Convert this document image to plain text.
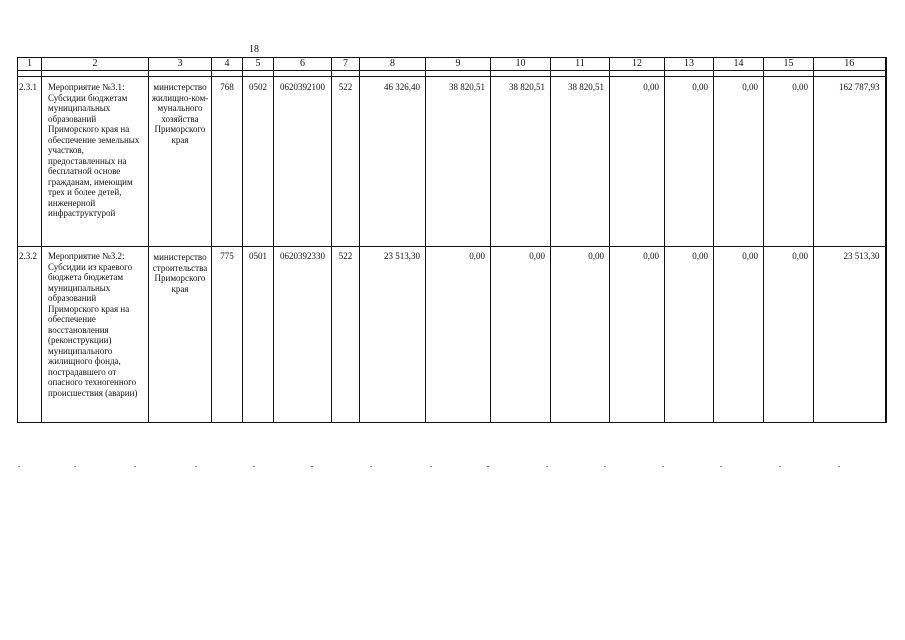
18
1	2	3	4	5	6	7	8	9	10	11	12	13	14	15	16

2.3.1	Мероприятие №3.1: Субсидии бюджетам муниципальных образований Приморского края на обеспечение земельных участков, предоставленных на бесплатной основе гражданам, имеющим трех и более детей, инженерной инфраструктурой	министерство жилищно-ком-мунального хозяйства Приморского края	768	0502	0620392100	522	46 326,40	38 820,51	38 820,51	38 820,51	0,00	0,00	0,00	0,00	162 787,93
2.3.2	Мероприятие №3.2: Субсидии из краевого бюджета бюджетам муниципальных образований Приморского края на обеспечение восстановления (реконструкции) муниципального жилищного фонда, пострадавшего от опасного техногенного происшествия (аварии)	министерство строительства Приморского края	775	0501	0620392330	522	23 513,30	0,00	0,00	0,00	0,00	0,00	0,00	0,00	23 513,30
